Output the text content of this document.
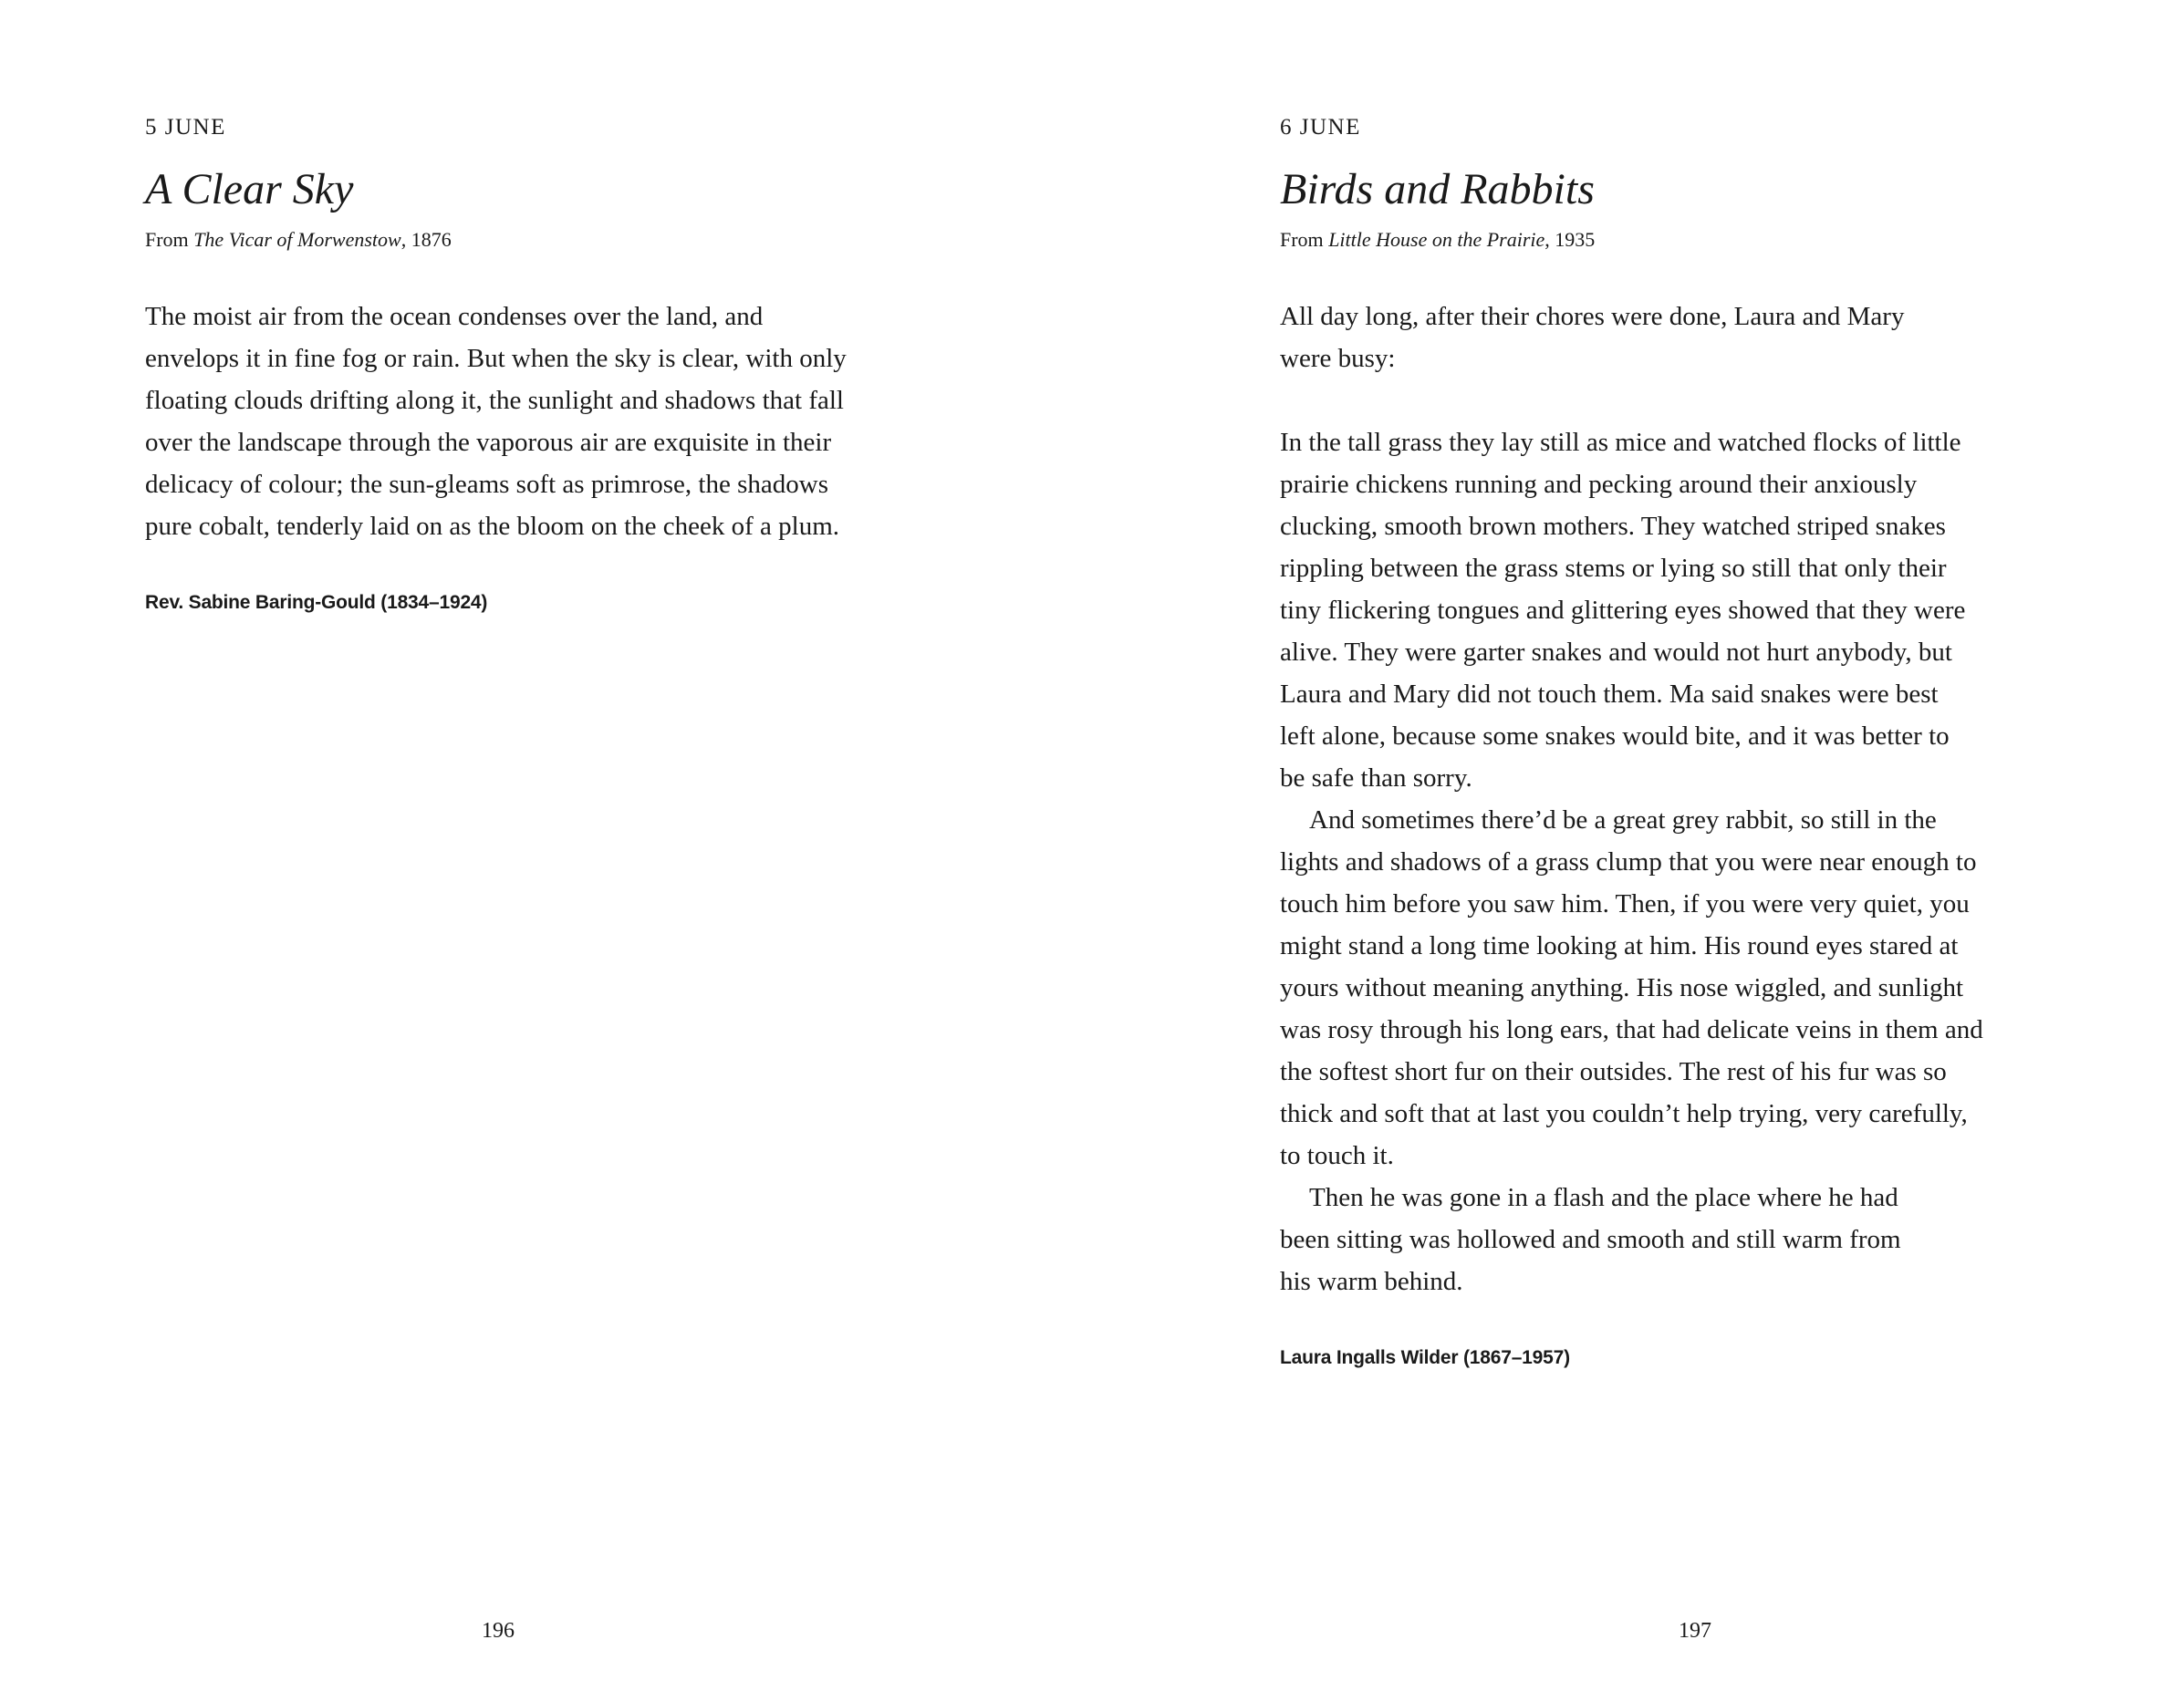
5 JUNE
A Clear Sky
From The Vicar of Morwenstow, 1876

The moist air from the ocean condenses over the land, and
envelops it in fine fog or rain. But when the sky is clear, with only
floating clouds drifting along it, the sunlight and shadows that fall
over the landscape through the vaporous air are exquisite in their
delicacy of colour; the sun-gleams soft as primrose, the shadows
pure cobalt, tenderly laid on as the bloom on the cheek of a plum.

Rev. Sabine Baring-Gould (1834–1924)
196
6 JUNE
Birds and Rabbits
From Little House on the Prairie, 1935

All day long, after their chores were done, Laura and Mary
were busy:

In the tall grass they lay still as mice and watched flocks of little
prairie chickens running and pecking around their anxiously
clucking, smooth brown mothers. They watched striped snakes
rippling between the grass stems or lying so still that only their
tiny flickering tongues and glittering eyes showed that they were
alive. They were garter snakes and would not hurt anybody, but
Laura and Mary did not touch them. Ma said snakes were best
left alone, because some snakes would bite, and it was better to
be safe than sorry.

And sometimes there’d be a great grey rabbit, so still in the
lights and shadows of a grass clump that you were near enough to
touch him before you saw him. Then, if you were very quiet, you
might stand a long time looking at him. His round eyes stared at
yours without meaning anything. His nose wiggled, and sunlight
was rosy through his long ears, that had delicate veins in them and
the softest short fur on their outsides. The rest of his fur was so
thick and soft that at last you couldn’t help trying, very carefully,
to touch it.

Then he was gone in a flash and the place where he had
been sitting was hollowed and smooth and still warm from
his warm behind.

Laura Ingalls Wilder (1867–1957)
197
